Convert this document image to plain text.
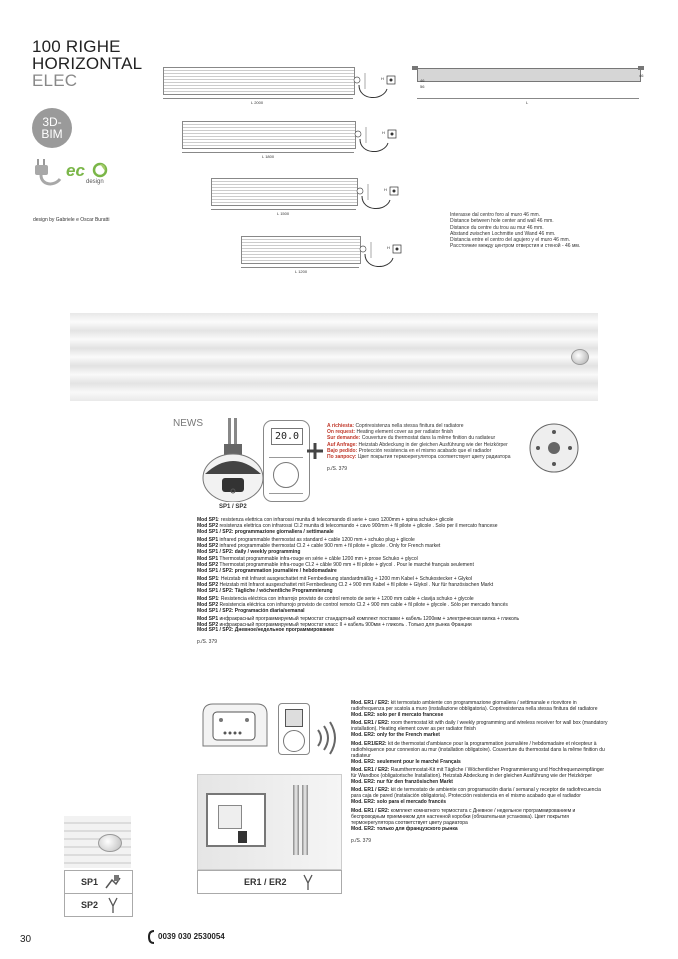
100 RIGHE
HORIZONTAL
ELEC
3D-
BIM
ec
design
design by Gabriele e Oscar Buratti
L 2000
H
L 1800
H
L 1500
H
L 1200
H
46
56
46
L
Interasse dal centro foro al muro 46 mm.
Distance between hole center and wall 46 mm.
Distance du centre du trou au mur 46 mm.
Abstand zwischen Lochmitte und Wand 46 mm.
Distancia entre el centro del agujero y el muro 46 mm.
Расстояние между центром отверстия и стеной - 46 мм.
NEWS
20.0
SP1 / SP2
A richiesta: Copriresistenza nella stessa finitura del radiatore
On request: Heating element cover as per radiator finish
Sur demande: Couverture du thermostat dans la même finition du radiateur
Auf Anfrage: Heizstab Abdeckung in der gleichen Ausführung wie der Heizkörper
Bajo pedido: Protección resistencia en el mismo acabado que el radiador
По запросу: Цвет покрытия термоерегулятора соответствует цвету радиатора
p./S. 379
Mod SP1: resistenza elettrica con infrarossi munita di telecomando di serie + cavo 1200mm + spina schuko+ glicole
Mod SP2 resistenza elettrica con infrarossi Cl.2 munita di telecomando + cavo 900mm + fil pilote + glicole . Solo per il mercato francese
Mod SP1 / SP2: programmazione giornaliera / settimanale
Mod SP1 infrared programmable thermostat as standard + cable 1200 mm + schuko plug + glicole
Mod SP2 infrared programmable thermostat Cl.2 + cable 900 mm + fil pilote + glicole . Only for French market
Mod SP1 / SP2: daily / weekly programming
Mod SP1 Thermostat programmable infra-rouge en série + câble 1200 mm + prose Schuko + glycol
Mod SP2 Thermostat programmable infra-rouge Cl.2 + câble 900 mm + fil pilote + glycol . Pour le marché français seulement
Mod SP1 / SP2: programmation journalière / hebdomadaire
Mod SP1: Heizstab mit Infrarot ausgeschattet mit Fernbedieung standardmäßig + 1200 mm Kabel + Schukostecker + Glykol
Mod SP2 Heizstab mit Infrarot ausgeschattet mit Fernbedieung Cl.2 + 900 mm Kabel + fil pilote + Glykol . Nur für französischen Markt
Mod SP1 / SP2: Tägliche / wöchentliche Programmierung
Mod SP1: Resistencia eléctrica con infrarrojo provisto de control remoto de serie + 1200 mm cable + clavija schuko + glycole
Mod SP2 Resistencia eléctrica con infrarrojo provisto de control remoto Cl.2 + 900 mm cable + fil pilote + glycole . Sólo per mercado francés
Mod SP1 / SP2: Programación diaria/semanal
Mod SP1 инфракрасный программируемый термостат стандартный комплект поставки + кабель 1200мм + электрическая вилка + гликоль
Mod SP2 инфракрасный программируемый термостат класс II + кабель 900мм + гликоль . Только для рынка Франции
Mod SP1 / SP2: Дневное/недельное программирование
p./S. 379
SP1
SP2
ER1 / ER2
Mod. ER1 / ER2: kit termostato ambiente con programmazione giornaliera / settimanale e ricevitore in radiofrequenza per scatola a muro (installazione obbligatoria). Copriresistenza nella stessa finitura del radiatore
Mod. ER2: solo per il mercato francese
Mod. ER1 / ER2: room thermostat kit with daily / weekly programming and wireless receiver for wall box (mandatory installation). Heating element cover as per radiator finish
Mod. ER2: only for the French market
Mod. ER1/ER2: kit de thermostat d'ambiance pour la programmation journalière / hebdomadaire et récepteur à radiofréquence pour connexion au mur (installation obligatoire). Couverture du thermostat dans la même finition du radiateur
Mod. ER2: seulement pour le marché Français
Mod. ER1 / ER2: Raumthermostat-Kit mit Tägliche / Wöchentlicher Programmierung und Hochfrequenzempfänger für Wandbox (obligatorische Installation). Heizstab Abdeckung in der gleichen Ausführung wie der Heizkörper
Mod. ER2: nur für den französischen Markt
Mod. ER1 / ER2: kit de termostato de ambiente con programación diaria / semanal y receptor de radiofrecuencia para caja de pared (instalación obligatoria). Protección resistencia en el mismo acabado que el radiador
Mod. ER2: solo para el mercado francés
Mod. ER1 / ER2: комплект комнатного термостата с Дневное / недельное программированием и беспроводным приемником для настенной коробки (обязательная установка). Цвет покрытия термоерегулятора соответствует цвету радиатора
Mod. ER2: только для французского рынка
p./S. 379
30	0039 030 2530054
